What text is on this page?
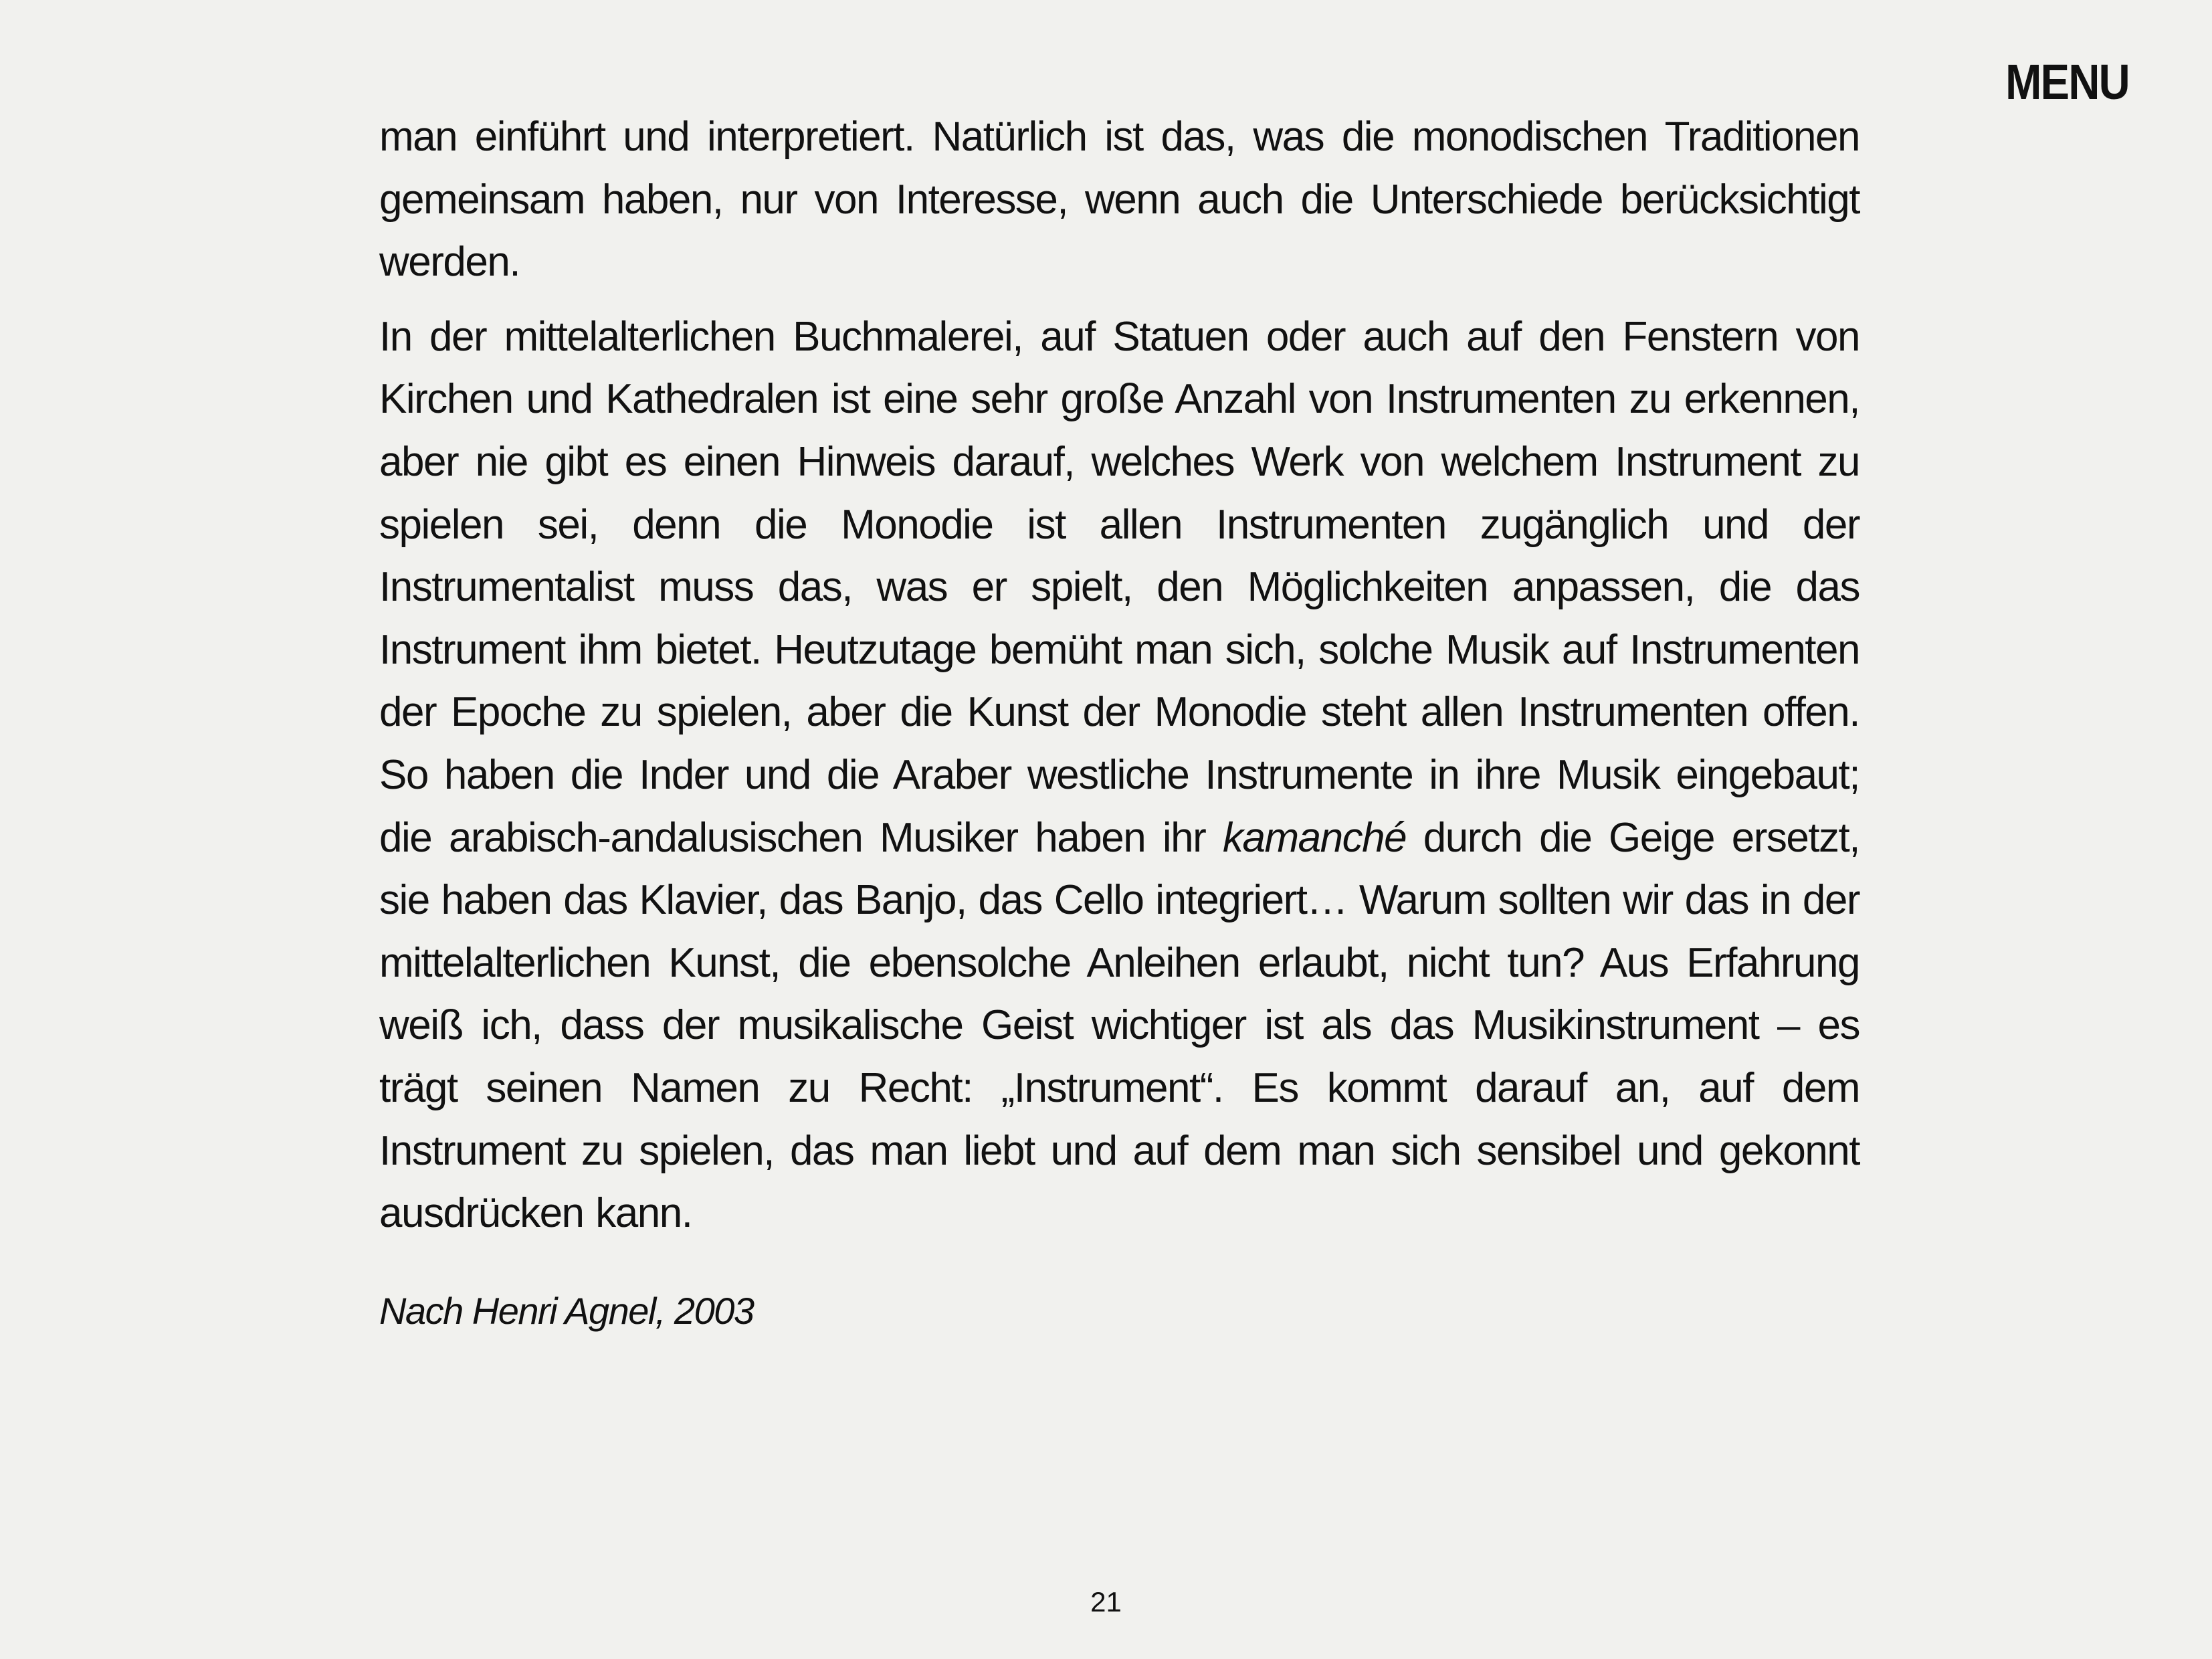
MENU

man einführt und interpretiert. Natürlich ist das, was die monodischen Traditionen gemeinsam haben, nur von Interesse, wenn auch die Unterschiede berücksichtigt werden.

In der mittelalterlichen Buchmalerei, auf Statuen oder auch auf den Fenstern von Kirchen und Kathedralen ist eine sehr große Anzahl von Instrumenten zu erkennen, aber nie gibt es einen Hinweis darauf, welches Werk von welchem Instrument zu spielen sei, denn die Monodie ist allen Instrumenten zugänglich und der Instrumentalist muss das, was er spielt, den Möglichkeiten anpassen, die das Instrument ihm bietet. Heutzutage bemüht man sich, solche Musik auf Instrumenten der Epoche zu spielen, aber die Kunst der Monodie steht allen Instrumenten offen. So haben die Inder und die Araber westliche Instrumente in ihre Musik eingebaut; die arabisch-andalusischen Musiker haben ihr kamanché durch die Geige ersetzt, sie haben das Klavier, das Banjo, das Cello integriert… Warum sollten wir das in der mittelalterlichen Kunst, die ebensolche Anleihen erlaubt, nicht tun? Aus Erfahrung weiß ich, dass der musikalische Geist wichtiger ist als das Musikinstrument – es trägt seinen Namen zu Recht: „Instrument“. Es kommt darauf an, auf dem Instrument zu spielen, das man liebt und auf dem man sich sensibel und gekonnt ausdrücken kann.

Nach Henri Agnel, 2003
21
